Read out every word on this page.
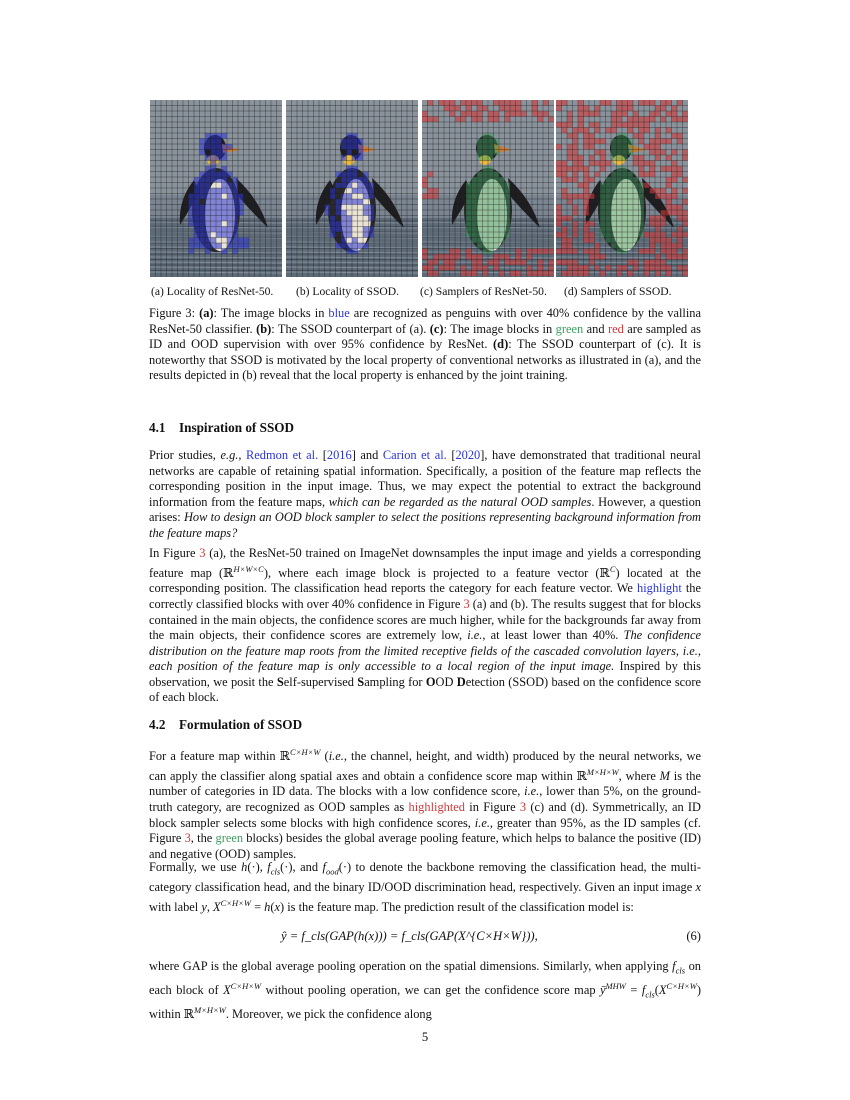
(a) Locality of ResNet-50. (b) Locality of SSOD. (c) Samplers of ResNet-50. (d) Samplers of SSOD.
Figure 3: (a): The image blocks in blue are recognized as penguins with over 40% confidence by the vallina ResNet-50 classifier. (b): The SSOD counterpart of (a). (c): The image blocks in green and red are sampled as ID and OOD supervision with over 95% confidence by ResNet. (d): The SSOD counterpart of (c). It is noteworthy that SSOD is motivated by the local property of conventional networks as illustrated in (a), and the results depicted in (b) reveal that the local property is enhanced by the joint training.
4.1 Inspiration of SSOD

Prior studies, e.g., Redmon et al. [2016] and Carion et al. [2020], have demonstrated that traditional neural networks are capable of retaining spatial information. Specifically, a position of the feature map reflects the corresponding position in the input image. Thus, we may expect the potential to extract the background information from the feature maps, which can be regarded as the natural OOD samples. However, a question arises: How to design an OOD block sampler to select the positions representing background information from the feature maps?

In Figure 3 (a), the ResNet-50 trained on ImageNet downsamples the input image and yields a corresponding feature map (ℝ$^{H\times W\times C}$), where each image block is projected to a feature vector (ℝ$^C$) located at the corresponding position. The classification head reports the category for each feature vector. We highlight the correctly classified blocks with over 40% confidence in Figure 3 (a) and (b). The results suggest that for blocks contained in the main objects, the confidence scores are much higher, while for the backgrounds far away from the main objects, their confidence scores are extremely low, i.e., at least lower than 40%. The confidence distribution on the feature map roots from the limited receptive fields of the cascaded convolution layers, i.e., each position of the feature map is only accessible to a local region of the input image. Inspired by this observation, we posit the Self-supervised Sampling for OOD Detection (SSOD) based on the confidence score of each block.

4.2 Formulation of SSOD

For a feature map within ℝ$^{C\times H\times W}$ (i.e., the channel, height, and width) produced by the neural networks, we can apply the classifier along spatial axes and obtain a confidence score map within ℝ$^{M\times H\times W}$, where M is the number of categories in ID data. The blocks with a low confidence score, i.e., lower than 5%, on the ground-truth category, are recognized as OOD samples as highlighted in Figure 3 (c) and (d). Symmetrically, an ID block sampler selects some blocks with high confidence scores, i.e., greater than 95%, as the ID samples (cf. Figure 3, the green blocks) besides the global average pooling feature, which helps to balance the positive (ID) and negative (OOD) samples.

Formally, we use h(·), $f_{cls}(\cdot)$, and $f_{ood}(\cdot)$ to denote the backbone removing the classification head, the multi-category classification head, and the binary ID/OOD discrimination head, respectively. Given an input image x with label y, $X^{C\times H\times W} = h(x)$ is the feature map. The prediction result of the classification model is:

ŷ = f_cls(GAP(h(x))) = f_cls(GAP(X^{C×H×W})),	(6)

where GAP is the global average pooling operation on the spatial dimensions. Similarly, when applying $f_{cls}$ on each block of $X^{C\times H\times W}$ without pooling operation, we can get the confidence score map $ȳ^{MHW} = f_{cls}(X^{C\times H\times W})$ within ℝ$^{M\times H\times W}$. Moreover, we pick the confidence along

5
